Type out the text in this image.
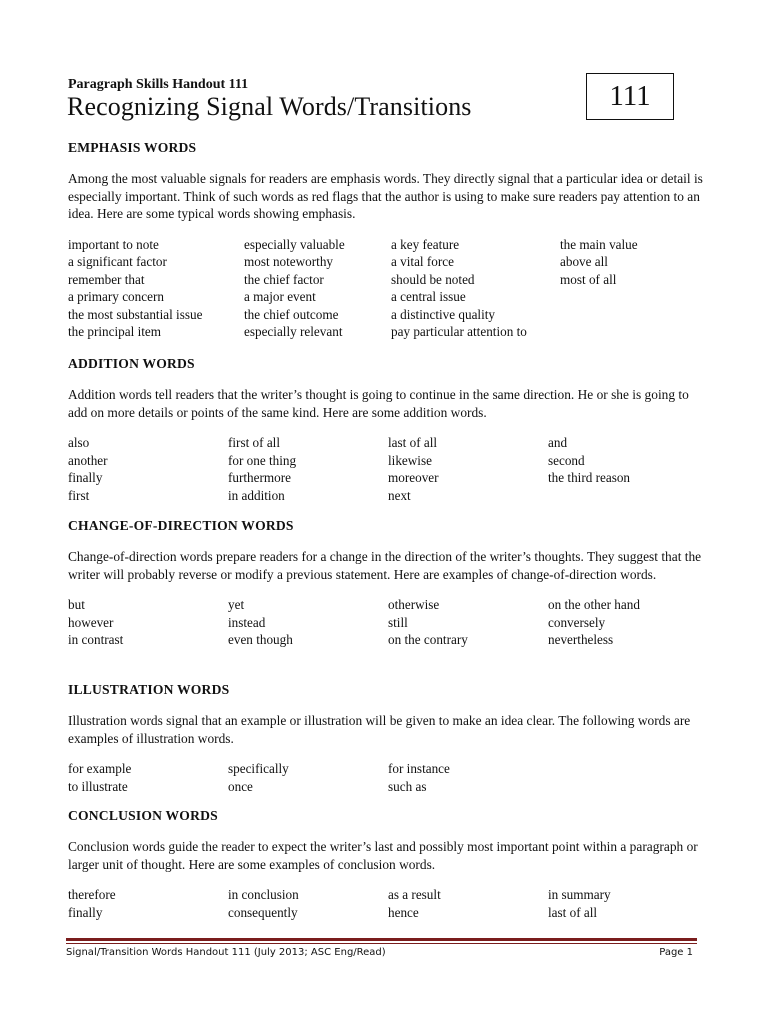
Paragraph Skills Handout 111
Recognizing Signal Words/Transitions	111
EMPHASIS WORDS

Among the most valuable signals for readers are emphasis words. They directly signal that a particular idea or detail is especially important. Think of such words as red flags that the author is using to make sure readers pay attention to an idea. Here are some typical words showing emphasis.

important to note	especially valuable	a key feature	the main value
a significant factor	most noteworthy	a vital force	above all
remember that	the chief factor	should be noted	most of all
a primary concern	a major event	a central issue
the most substantial issue	the chief outcome	a distinctive quality
the principal item	especially relevant	pay particular attention to
ADDITION WORDS

Addition words tell readers that the writer’s thought is going to continue in the same direction. He or she is going to add on more details or points of the same kind. Here are some addition words.

also	first of all	last of all	and
another	for one thing	likewise	second
finally	furthermore	moreover	the third reason
first	in addition	next
CHANGE-OF-DIRECTION WORDS

Change-of-direction words prepare readers for a change in the direction of the writer’s thoughts. They suggest that the writer will probably reverse or modify a previous statement. Here are examples of change-of-direction words.

but	yet	otherwise	on the other hand
however	instead	still	conversely
in contrast	even though	on the contrary	nevertheless
ILLUSTRATION WORDS

Illustration words signal that an example or illustration will be given to make an idea clear. The following words are examples of illustration words.

for example	specifically	for instance
to illustrate	once	such as
CONCLUSION WORDS

Conclusion words guide the reader to expect the writer’s last and possibly most important point within a paragraph or larger unit of thought. Here are some examples of conclusion words.

therefore	in conclusion	as a result	in summary
finally	consequently	hence	last of all
Signal/Transition Words Handout 111 (July 2013; ASC Eng/Read)	Page 1
